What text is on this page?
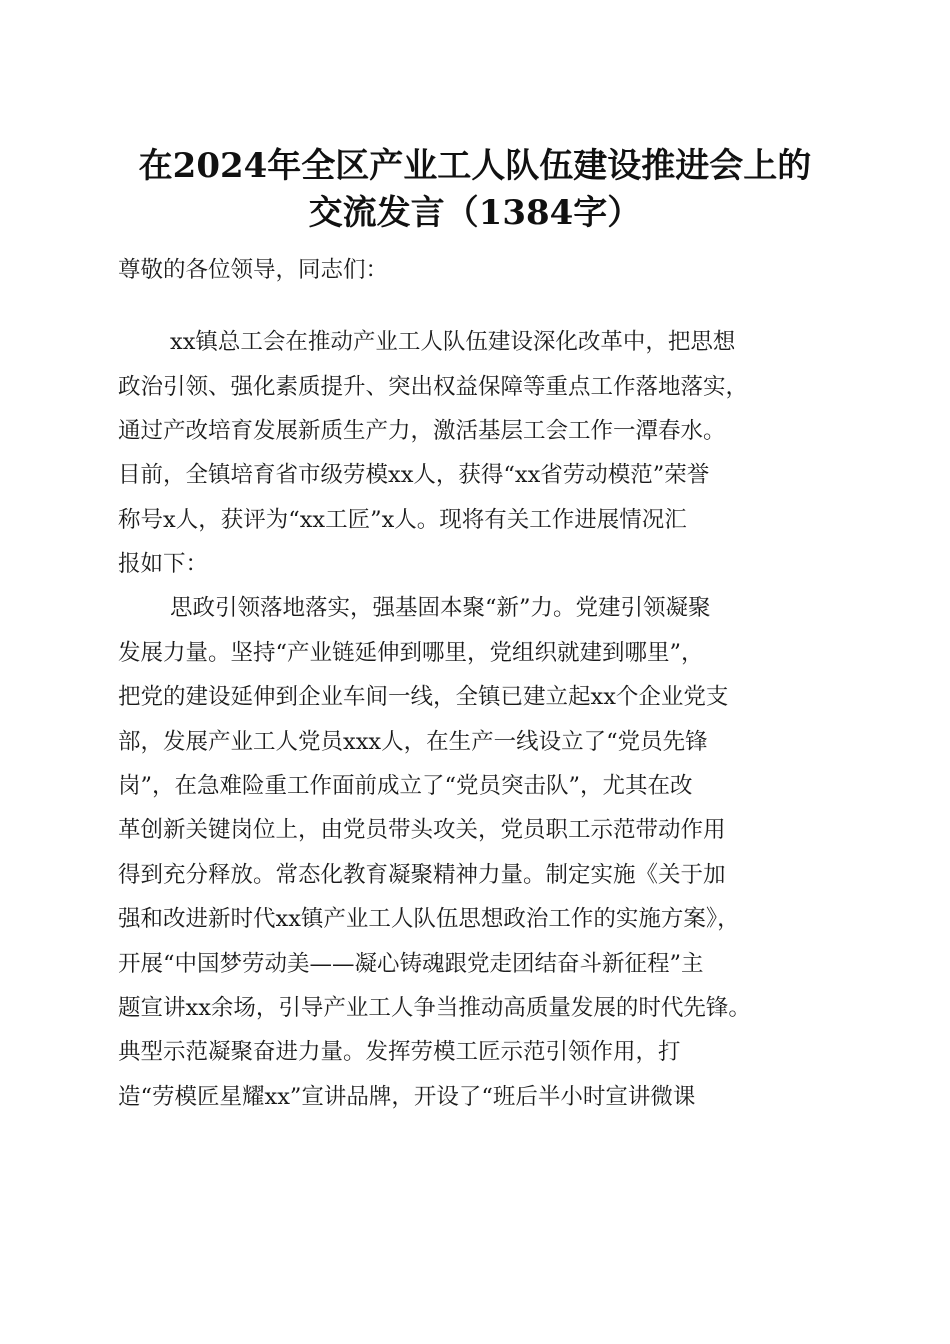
在2024年全区产业工人队伍建设推进会上的
交流发言（1384字）
尊敬的各位领导，同志们：
xx镇总工会在推动产业工人队伍建设深化改革中，把思想
政治引领、强化素质提升、突出权益保障等重点工作落地落实，
通过产改培育发展新质生产力，激活基层工会工作一潭春水。
目前，全镇培育省市级劳模xx人，获得“xx省劳动模范”荣誉
称号x人，获评为“xx工匠”x人。现将有关工作进展情况汇
报如下：
思政引领落地落实，强基固本聚“新”力。党建引领凝聚
发展力量。坚持“产业链延伸到哪里，党组织就建到哪里”，
把党的建设延伸到企业车间一线，全镇已建立起xx个企业党支
部，发展产业工人党员xxx人，在生产一线设立了“党员先锋
岗”，在急难险重工作面前成立了“党员突击队”，尤其在改
革创新关键岗位上，由党员带头攻关，党员职工示范带动作用
得到充分释放。常态化教育凝聚精神力量。制定实施《关于加
强和改进新时代xx镇产业工人队伍思想政治工作的实施方案》，
开展“中国梦劳动美——凝心铸魂跟党走团结奋斗新征程”主
题宣讲xx余场，引导产业工人争当推动高质量发展的时代先锋。
典型示范凝聚奋进力量。发挥劳模工匠示范引领作用，打
造“劳模匠星耀xx”宣讲品牌，开设了“班后半小时宣讲微课
